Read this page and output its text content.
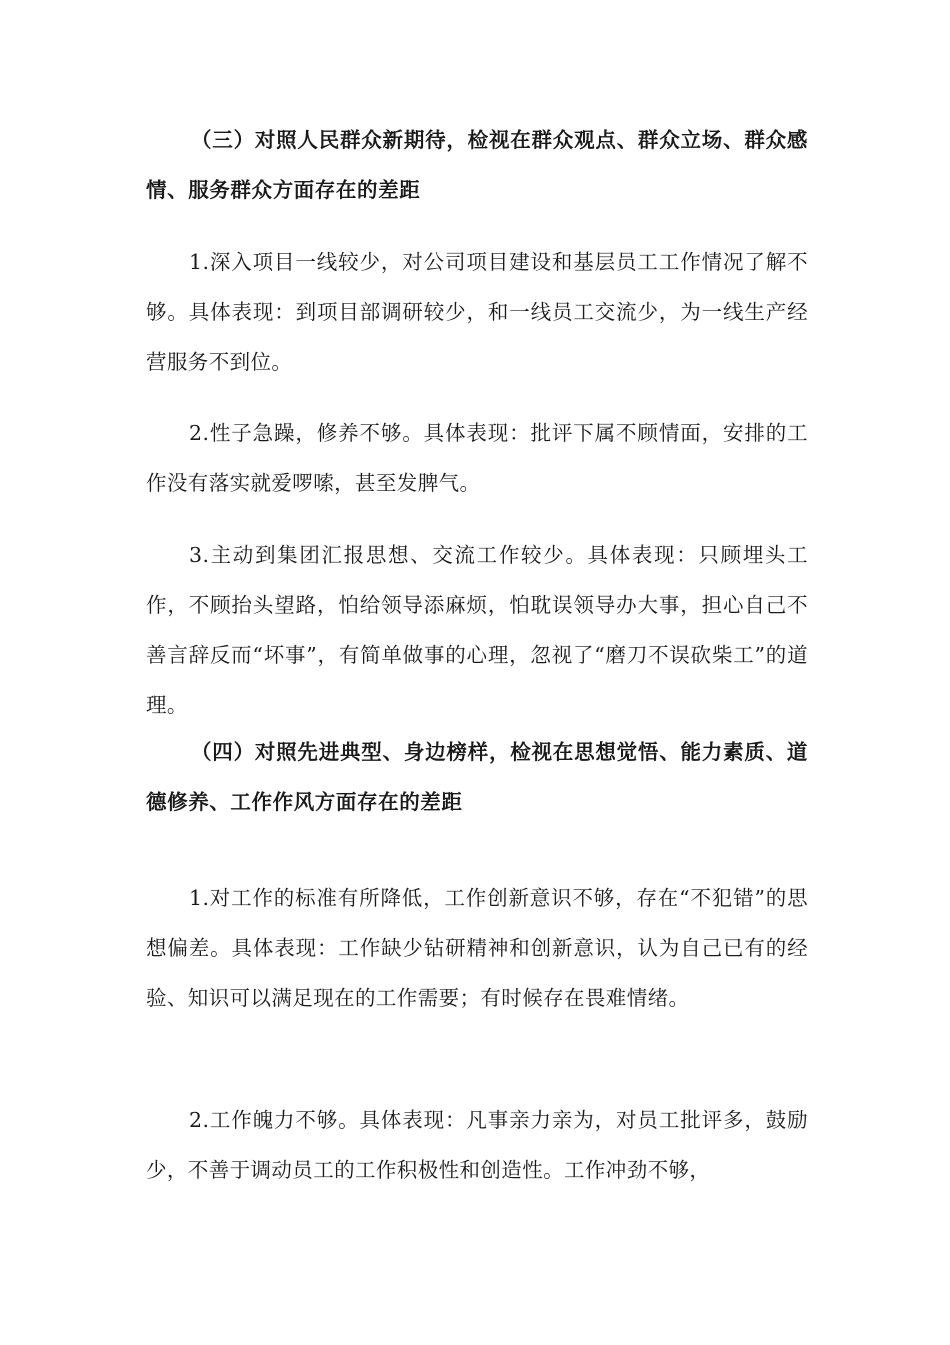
（三）对照人民群众新期待，检视在群众观点、群众立场、群众感情、服务群众方面存在的差距

1.深入项目一线较少，对公司项目建设和基层员工工作情况了解不够。具体表现：到项目部调研较少，和一线员工交流少，为一线生产经营服务不到位。

2.性子急躁，修养不够。具体表现：批评下属不顾情面，安排的工作没有落实就爱啰嗦，甚至发脾气。

3.主动到集团汇报思想、交流工作较少。具体表现：只顾埋头工作，不顾抬头望路，怕给领导添麻烦，怕耽误领导办大事，担心自己不善言辞反而“坏事”，有简单做事的心理，忽视了“磨刀不误砍柴工”的道理。

（四）对照先进典型、身边榜样，检视在思想觉悟、能力素质、道德修养、工作作风方面存在的差距

1.对工作的标准有所降低，工作创新意识不够，存在“不犯错”的思想偏差。具体表现：工作缺少钻研精神和创新意识，认为自己已有的经验、知识可以满足现在的工作需要；有时候存在畏难情绪。

2.工作魄力不够。具体表现：凡事亲力亲为，对员工批评多，鼓励少，不善于调动员工的工作积极性和创造性。工作冲劲不够，
